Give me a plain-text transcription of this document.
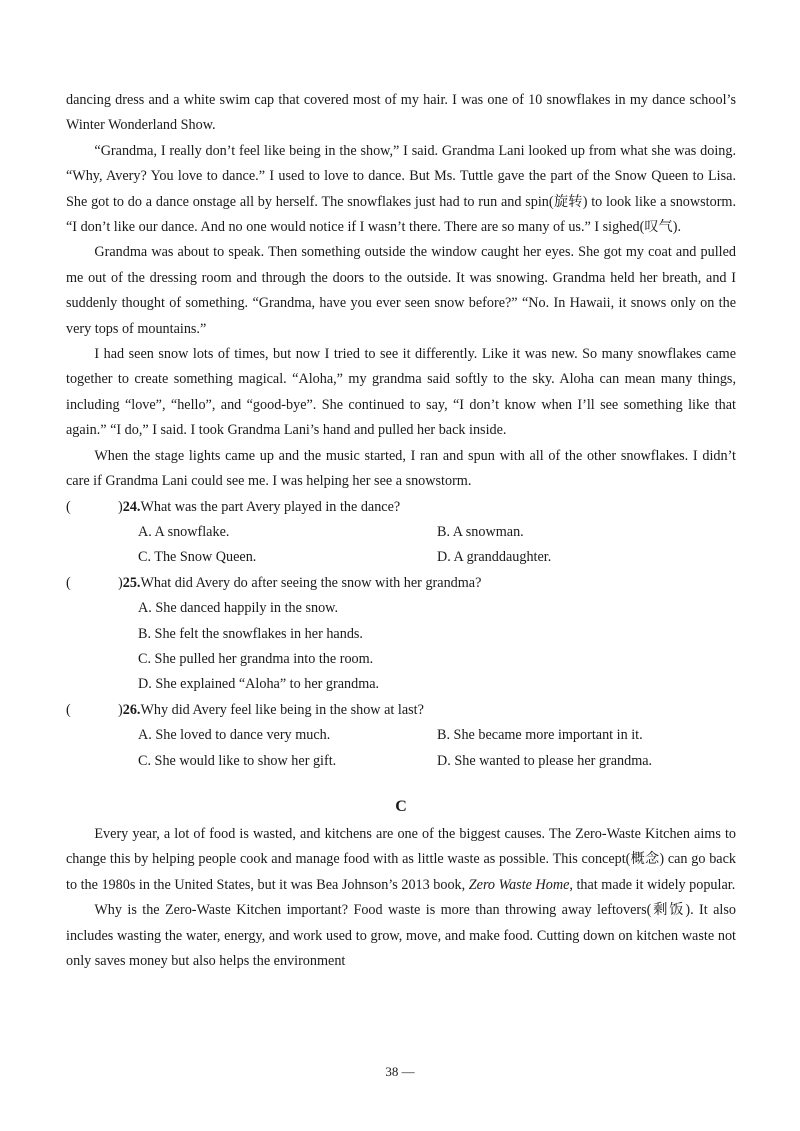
dancing dress and a white swim cap that covered most of my hair. I was one of 10 snowflakes in my dance school’s Winter Wonderland Show.

“Grandma, I really don’t feel like being in the show,” I said. Grandma Lani looked up from what she was doing. “Why, Avery? You love to dance.” I used to love to dance. But Ms. Tuttle gave the part of the Snow Queen to Lisa. She got to do a dance onstage all by herself. The snowflakes just had to run and spin(旋转) to look like a snowstorm. “I don’t like our dance. And no one would notice if I wasn’t there. There are so many of us.” I sighed(叹气).

Grandma was about to speak. Then something outside the window caught her eyes. She got my coat and pulled me out of the dressing room and through the doors to the outside. It was snowing. Grandma held her breath, and I suddenly thought of something. “Grandma, have you ever seen snow before?” “No. In Hawaii, it snows only on the very tops of mountains.”

I had seen snow lots of times, but now I tried to see it differently. Like it was new. So many snowflakes came together to create something magical. “Aloha,” my grandma said softly to the sky. Aloha can mean many things, including “love”, “hello”, and “good-bye”. She continued to say, “I don’t know when I’ll see something like that again.” “I do,” I said. I took Grandma Lani’s hand and pulled her back inside.

When the stage lights came up and the music started, I ran and spun with all of the other snowflakes. I didn’t care if Grandma Lani could see me. I was helping her see a snowstorm.

(	) 24. What was the part Avery played in the dance?
A. A snowflake.	B. A snowman.
C. The Snow Queen.	D. A granddaughter.
(	) 25. What did Avery do after seeing the snow with her grandma?
A. She danced happily in the snow.
B. She felt the snowflakes in her hands.
C. She pulled her grandma into the room.
D. She explained “Aloha” to her grandma.
(	) 26. Why did Avery feel like being in the show at last?
A. She loved to dance very much.	B. She became more important in it.
C. She would like to show her gift.	D. She wanted to please her grandma.
C

Every year, a lot of food is wasted, and kitchens are one of the biggest causes. The Zero-Waste Kitchen aims to change this by helping people cook and manage food with as little waste as possible. This concept(概念) can go back to the 1980s in the United States, but it was Bea Johnson’s 2013 book, Zero Waste Home, that made it widely popular.

Why is the Zero-Waste Kitchen important? Food waste is more than throwing away leftovers(剩饭). It also includes wasting the water, energy, and work used to grow, move, and make food. Cutting down on kitchen waste not only saves money but also helps the environment

38 —
